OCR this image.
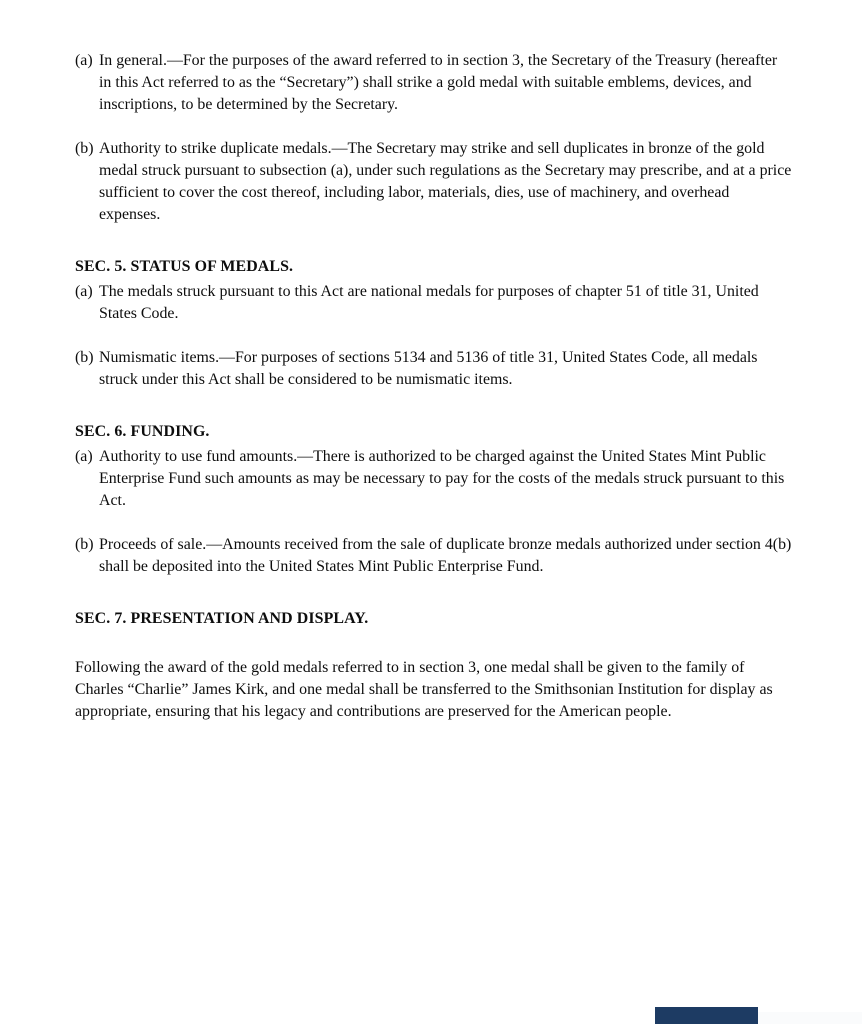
(a) In general.—For the purposes of the award referred to in section 3, the Secretary of the Treasury (hereafter in this Act referred to as the “Secretary”) shall strike a gold medal with suitable emblems, devices, and inscriptions, to be determined by the Secretary.
(b) Authority to strike duplicate medals.—The Secretary may strike and sell duplicates in bronze of the gold medal struck pursuant to subsection (a), under such regulations as the Secretary may prescribe, and at a price sufficient to cover the cost thereof, including labor, materials, dies, use of machinery, and overhead expenses.
SEC. 5. STATUS OF MEDALS.
(a) The medals struck pursuant to this Act are national medals for purposes of chapter 51 of title 31, United States Code.
(b) Numismatic items.—For purposes of sections 5134 and 5136 of title 31, United States Code, all medals struck under this Act shall be considered to be numismatic items.
SEC. 6. FUNDING.
(a) Authority to use fund amounts.—There is authorized to be charged against the United States Mint Public Enterprise Fund such amounts as may be necessary to pay for the costs of the medals struck pursuant to this Act.
(b) Proceeds of sale.—Amounts received from the sale of duplicate bronze medals authorized under section 4(b) shall be deposited into the United States Mint Public Enterprise Fund.
SEC. 7. PRESENTATION AND DISPLAY.
Following the award of the gold medals referred to in section 3, one medal shall be given to the family of Charles “Charlie” James Kirk, and one medal shall be transferred to the Smithsonian Institution for display as appropriate, ensuring that his legacy and contributions are preserved for the American people.
